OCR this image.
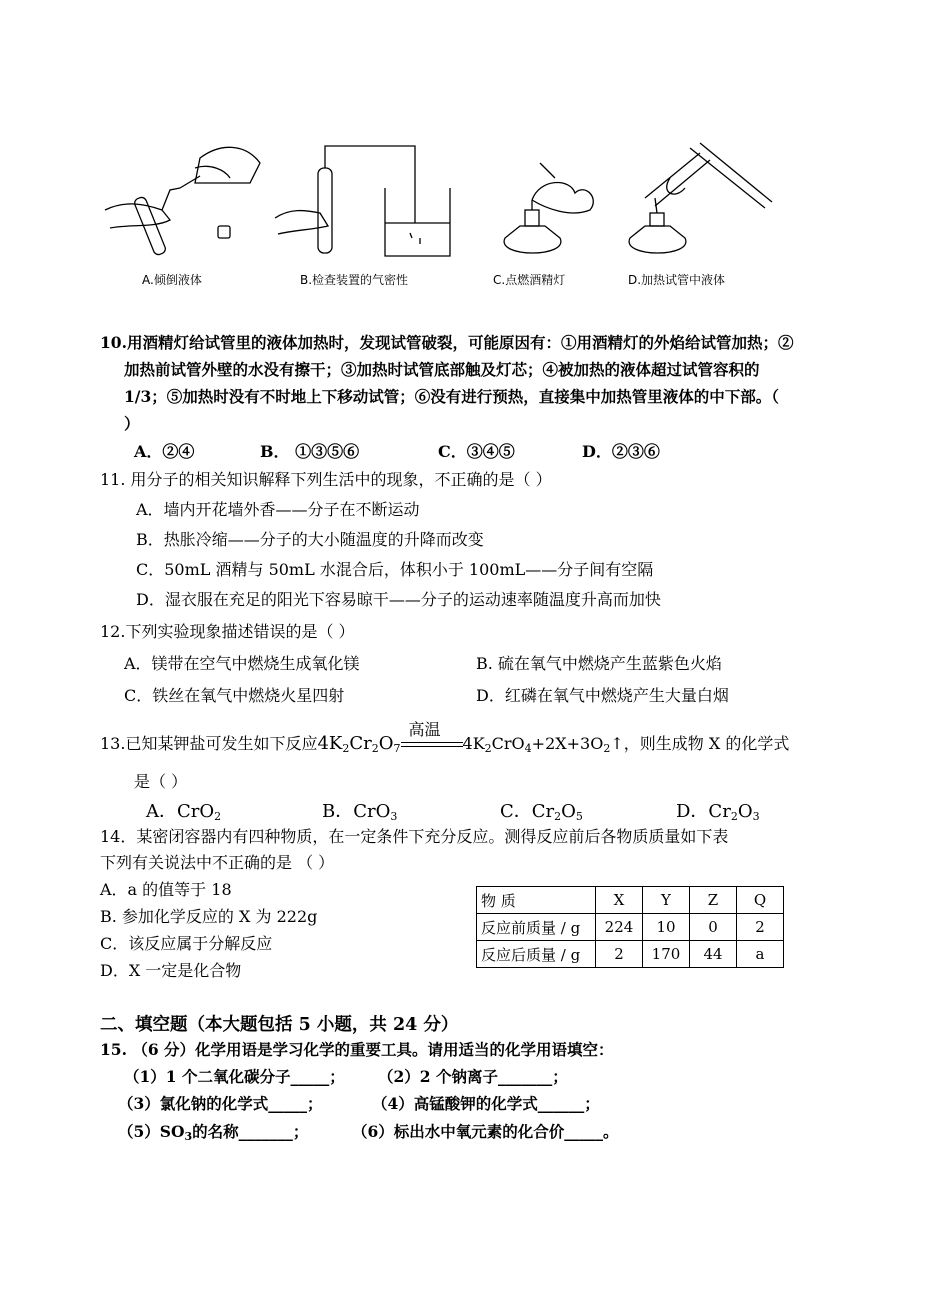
A.倾倒液体	B.检查装置的气密性	C.点燃酒精灯	D.加热试管中液体
10.用酒精灯给试管里的液体加热时，发现试管破裂，可能原因有：①用酒精灯的外焰给试管加热；②
加热前试管外壁的水没有擦干；③加热时试管底部触及灯芯；④被加热的液体超过试管容积的
1/3；⑤加热时没有不时地上下移动试管；⑥没有进行预热，直接集中加热管里液体的中下部。（
）
A．②④	B． ①③⑤⑥	C．③④⑤	D．②③⑥
11. 用分子的相关知识解释下列生活中的现象，不正确的是（ ）
A．墙内开花墙外香——分子在不断运动
B．热胀冷缩——分子的大小随温度的升降而改变
C．50mL 酒精与 50mL 水混合后，体积小于 100mL——分子间有空隔
D．湿衣服在充足的阳光下容易晾干——分子的运动速率随温度升高而加快
12.下列实验现象描述错误的是（ ）
A．镁带在空气中燃烧生成氧化镁	B. 硫在氧气中燃烧产生蓝紫色火焰
C．铁丝在氧气中燃烧火星四射	D．红磷在氧气中燃烧产生大量白烟
13.已知某钾盐可发生如下反应$4K_2Cr_2O_7$
高温
$4K_2CrO_4+2X+3O_2↑$，则生成物 X 的化学式
是（ ）
A．CrO$_2$	B．CrO$_3$	C．$Cr_2O_5$	D．$Cr_2O_3$
14．某密闭容器内有四种物质，在一定条件下充分反应。测得反应前后各物质质量如下表
下列有关说法中不正确的是 （ ）
A．a 的值等于 18
B. 参加化学反应的 X 为 222g
C．该反应属于分解反应
D．X 一定是化合物
物 质	X	Y	Z	Q
反应前质量 / g	224	10	0	2
反应后质量 / g	2	170	44	a
二、填空题（本大题包括 5 小题，共 24 分）
15. （6 分）化学用语是学习化学的重要工具。请用适当的化学用语填空：
（1）1 个二氧化碳分子_____； （2）2 个钠离子_______；
（3）氯化钠的化学式_____；	（4）高锰酸钾的化学式______；
$(5)SO_3$的名称_______；	（6）标出水中氧元素的化合价_____。
